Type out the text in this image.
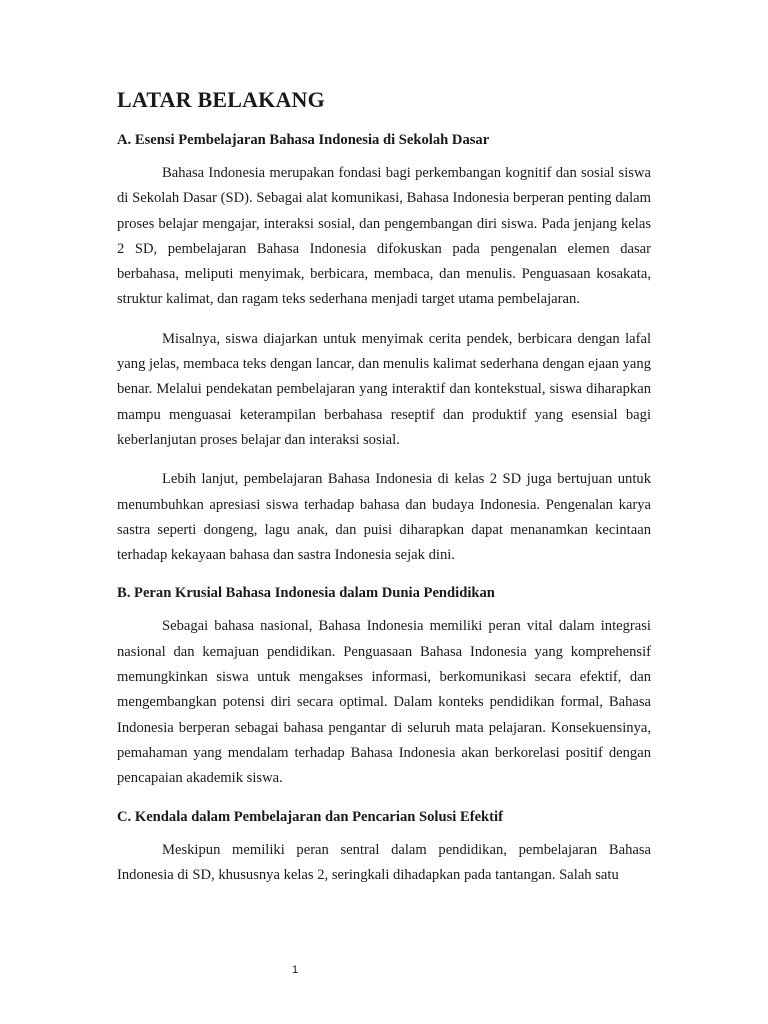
LATAR BELAKANG
A. Esensi Pembelajaran Bahasa Indonesia di Sekolah Dasar

Bahasa Indonesia merupakan fondasi bagi perkembangan kognitif dan sosial siswa di Sekolah Dasar (SD). Sebagai alat komunikasi, Bahasa Indonesia berperan penting dalam proses belajar mengajar, interaksi sosial, dan pengembangan diri siswa. Pada jenjang kelas 2 SD, pembelajaran Bahasa Indonesia difokuskan pada pengenalan elemen dasar berbahasa, meliputi menyimak, berbicara, membaca, dan menulis. Penguasaan kosakata, struktur kalimat, dan ragam teks sederhana menjadi target utama pembelajaran.

Misalnya, siswa diajarkan untuk menyimak cerita pendek, berbicara dengan lafal yang jelas, membaca teks dengan lancar, dan menulis kalimat sederhana dengan ejaan yang benar. Melalui pendekatan pembelajaran yang interaktif dan kontekstual, siswa diharapkan mampu menguasai keterampilan berbahasa reseptif dan produktif yang esensial bagi keberlanjutan proses belajar dan interaksi sosial.

Lebih lanjut, pembelajaran Bahasa Indonesia di kelas 2 SD juga bertujuan untuk menumbuhkan apresiasi siswa terhadap bahasa dan budaya Indonesia. Pengenalan karya sastra seperti dongeng, lagu anak, dan puisi diharapkan dapat menanamkan kecintaan terhadap kekayaan bahasa dan sastra Indonesia sejak dini.

B. Peran Krusial Bahasa Indonesia dalam Dunia Pendidikan

Sebagai bahasa nasional, Bahasa Indonesia memiliki peran vital dalam integrasi nasional dan kemajuan pendidikan. Penguasaan Bahasa Indonesia yang komprehensif memungkinkan siswa untuk mengakses informasi, berkomunikasi secara efektif, dan mengembangkan potensi diri secara optimal. Dalam konteks pendidikan formal, Bahasa Indonesia berperan sebagai bahasa pengantar di seluruh mata pelajaran. Konsekuensinya, pemahaman yang mendalam terhadap Bahasa Indonesia akan berkorelasi positif dengan pencapaian akademik siswa.

C. Kendala dalam Pembelajaran dan Pencarian Solusi Efektif

Meskipun memiliki peran sentral dalam pendidikan, pembelajaran Bahasa Indonesia di SD, khususnya kelas 2, seringkali dihadapkan pada tantangan. Salah satu

1
